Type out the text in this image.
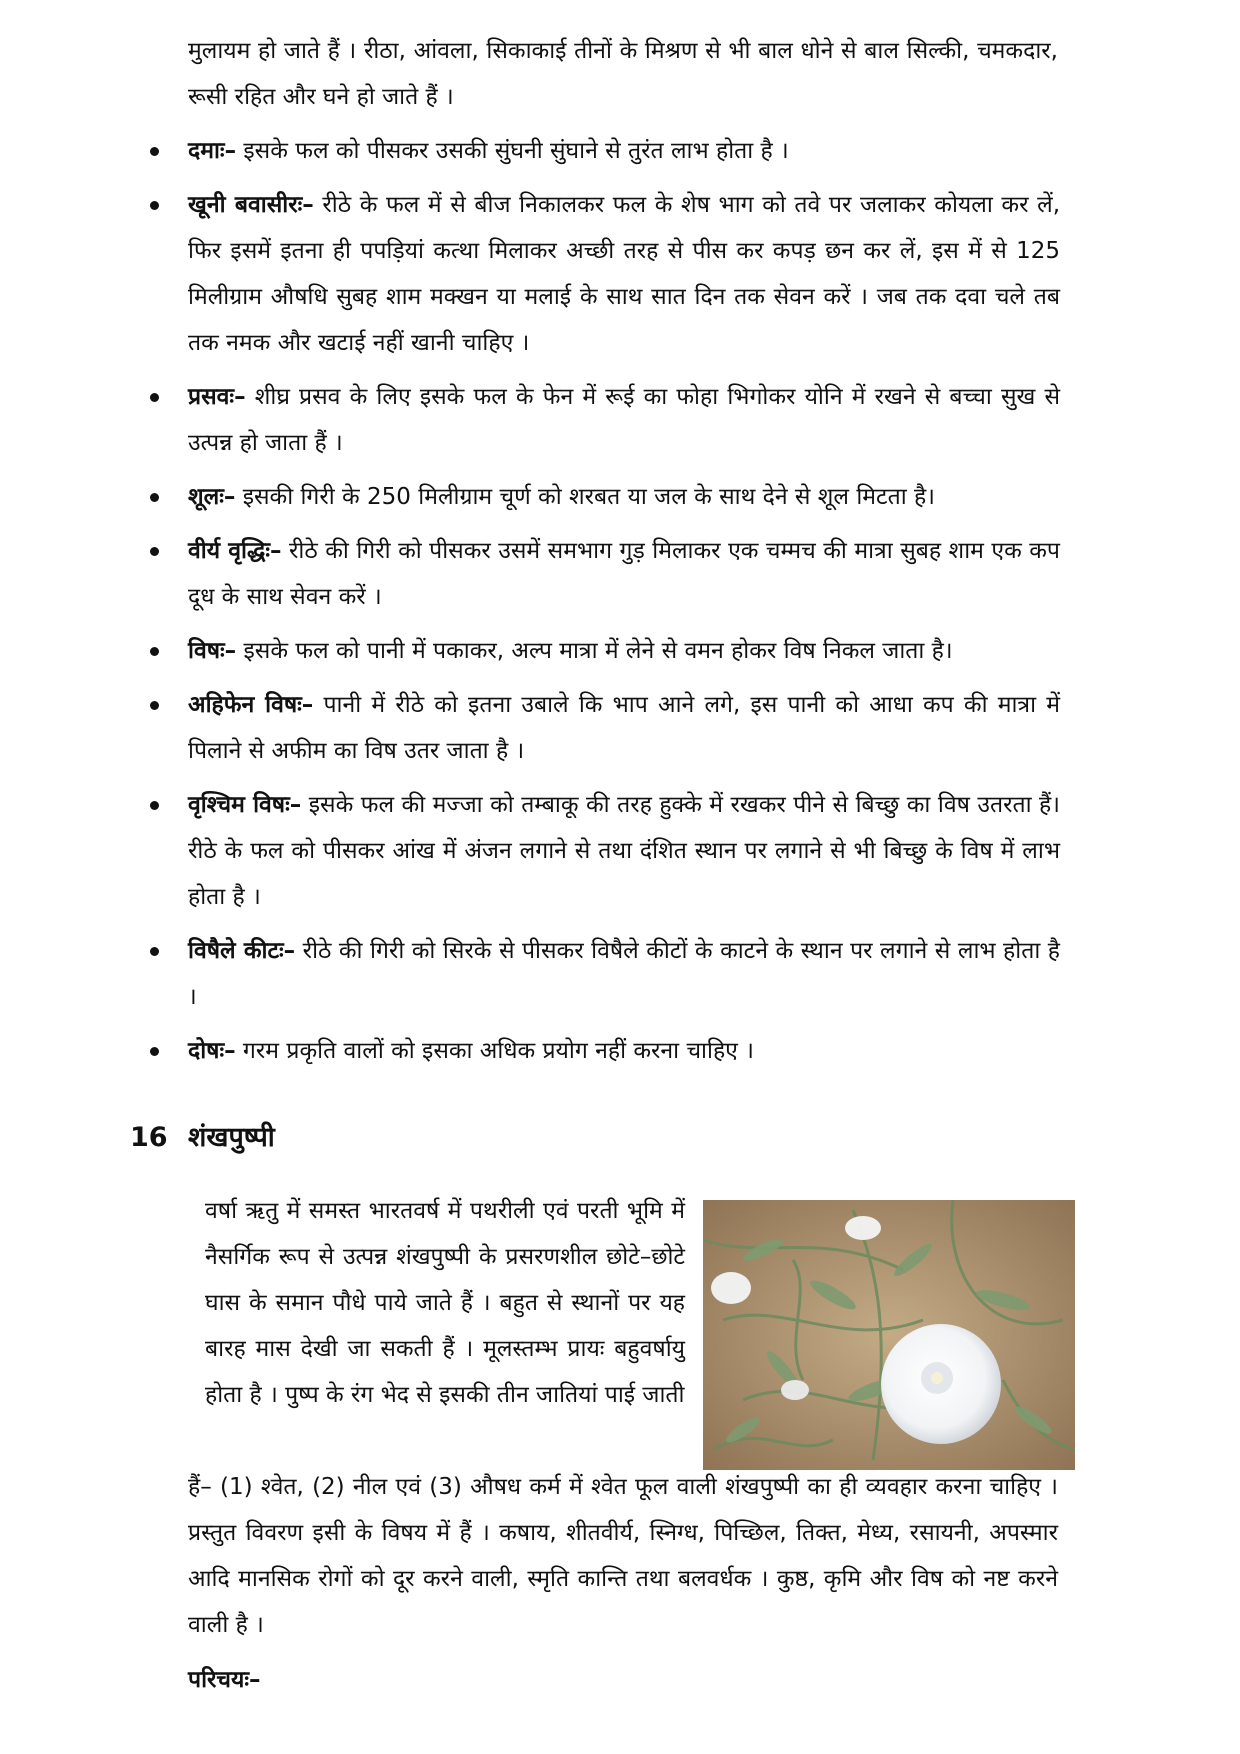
मुलायम हो जाते हैं । रीठा, आंवला, सिकाकाई तीनों के मिश्रण से भी बाल धोने से बाल सिल्की, चमकदार, रूसी रहित और घने हो जाते हैं ।

दमाः– इसके फल को पीसकर उसकी सुंघनी सुंघाने से तुरंत लाभ होता है ।
खूनी बवासीरः– रीठे के फल में से बीज निकालकर फल के शेष भाग को तवे पर जलाकर कोयला कर लें, फिर इसमें इतना ही पपड़ियां कत्था मिलाकर अच्छी तरह से पीस कर कपड़ छन कर लें, इस में से 125 मिलीग्राम औषधि सुबह शाम मक्खन या मलाई के साथ सात दिन तक सेवन करें । जब तक दवा चले तब तक नमक और खटाई नहीं खानी चाहिए ।
प्रसवः– शीघ्र प्रसव के लिए इसके फल के फेन में रूई का फोहा भिगोकर योनि में रखने से बच्चा सुख से उत्पन्न हो जाता हैं ।
शूलः– इसकी गिरी के 250 मिलीग्राम चूर्ण को शरबत या जल के साथ देने से शूल मिटता है।
वीर्य वृद्धिः– रीठे की गिरी को पीसकर उसमें समभाग गुड़ मिलाकर एक चम्मच की मात्रा सुबह शाम एक कप दूध के साथ सेवन करें ।
विषः– इसके फल को पानी में पकाकर, अल्प मात्रा में लेने से वमन होकर विष निकल जाता है।
अहिफेन विषः– पानी में रीठे को इतना उबाले कि भाप आने लगे, इस पानी को आधा कप की मात्रा में पिलाने से अफीम का विष उतर जाता है ।
वृश्चिम विषः– इसके फल की मज्जा को तम्बाकू की तरह हुक्के में रखकर पीने से बिच्छु का विष उतरता हैं। रीठे के फल को पीसकर आंख में अंजन लगाने से तथा दंशित स्थान पर लगाने से भी बिच्छु के विष में लाभ होता है ।
विषैले कीटः– रीठे की गिरी को सिरके से पीसकर विषैले कीटों के काटने के स्थान पर लगाने से लाभ होता है ।
दोषः– गरम प्रकृति वालों को इसका अधिक प्रयोग नहीं करना चाहिए ।
16 शंखपुष्पी

वर्षा ऋतु में समस्त भारतवर्ष में पथरीली एवं परती भूमि में नैसर्गिक रूप से उत्पन्न शंखपुष्पी के प्रसरणशील छोटे–छोटे घास के समान पौधे पाये जाते हैं । बहुत से स्थानों पर यह बारह मास देखी जा सकती हैं । मूलस्तम्भ प्रायः बहुवर्षायु होता है । पुष्प के रंग भेद से इसकी तीन जातियां पाई जाती

हैं– (1) श्वेत, (2) नील एवं (3) औषध कर्म में श्वेत फूल वाली शंखपुष्पी का ही व्यवहार करना चाहिए । प्रस्तुत विवरण इसी के विषय में हैं । कषाय, शीतवीर्य, स्निग्ध, पिच्छिल, तिक्त, मेध्य, रसायनी, अपस्मार आदि मानसिक रोगों को दूर करने वाली, स्मृति कान्ति तथा बलवर्धक । कुष्ठ, कृमि और विष को नष्ट करने वाली है ।

परिचयः–
